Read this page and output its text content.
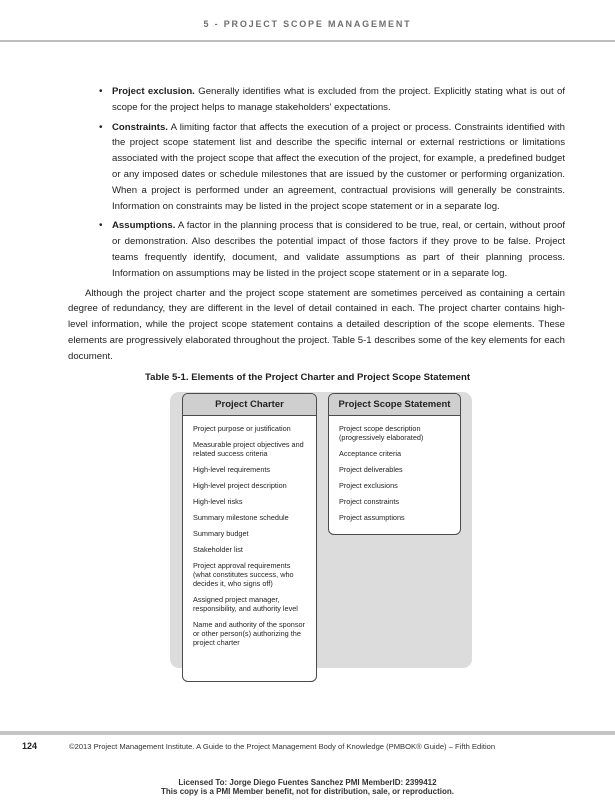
5 - PROJECT SCOPE MANAGEMENT
• Project exclusion. Generally identifies what is excluded from the project. Explicitly stating what is out of scope for the project helps to manage stakeholders' expectations.
• Constraints. A limiting factor that affects the execution of a project or process. Constraints identified with the project scope statement list and describe the specific internal or external restrictions or limitations associated with the project scope that affect the execution of the project, for example, a predefined budget or any imposed dates or schedule milestones that are issued by the customer or performing organization. When a project is performed under an agreement, contractual provisions will generally be constraints. Information on constraints may be listed in the project scope statement or in a separate log.
• Assumptions. A factor in the planning process that is considered to be true, real, or certain, without proof or demonstration. Also describes the potential impact of those factors if they prove to be false. Project teams frequently identify, document, and validate assumptions as part of their planning process. Information on assumptions may be listed in the project scope statement or in a separate log.

Although the project charter and the project scope statement are sometimes perceived as containing a certain degree of redundancy, they are different in the level of detail contained in each. The project charter contains high-level information, while the project scope statement contains a detailed description of the scope elements. These elements are progressively elaborated throughout the project. Table 5-1 describes some of the key elements for each document.

Table 5-1. Elements of the Project Charter and Project Scope Statement
Project Charter
Project purpose or justification
Measurable project objectives and related success criteria
High-level requirements
High-level project description
High-level risks
Summary milestone schedule
Summary budget
Stakeholder list
Project approval requirements (what constitutes success, who decides it, who signs off)
Assigned project manager, responsibility, and authority level
Name and authority of the sponsor or other person(s) authorizing the project charter
Project Scope Statement
Project scope description (progressively elaborated)
Acceptance criteria
Project deliverables
Project exclusions
Project constraints
Project assumptions
124	©2013 Project Management Institute. A Guide to the Project Management Body of Knowledge (PMBOK® Guide) – Fifth Edition
Licensed To: Jorge Diego Fuentes Sanchez PMI MemberID: 2399412
This copy is a PMI Member benefit, not for distribution, sale, or reproduction.
